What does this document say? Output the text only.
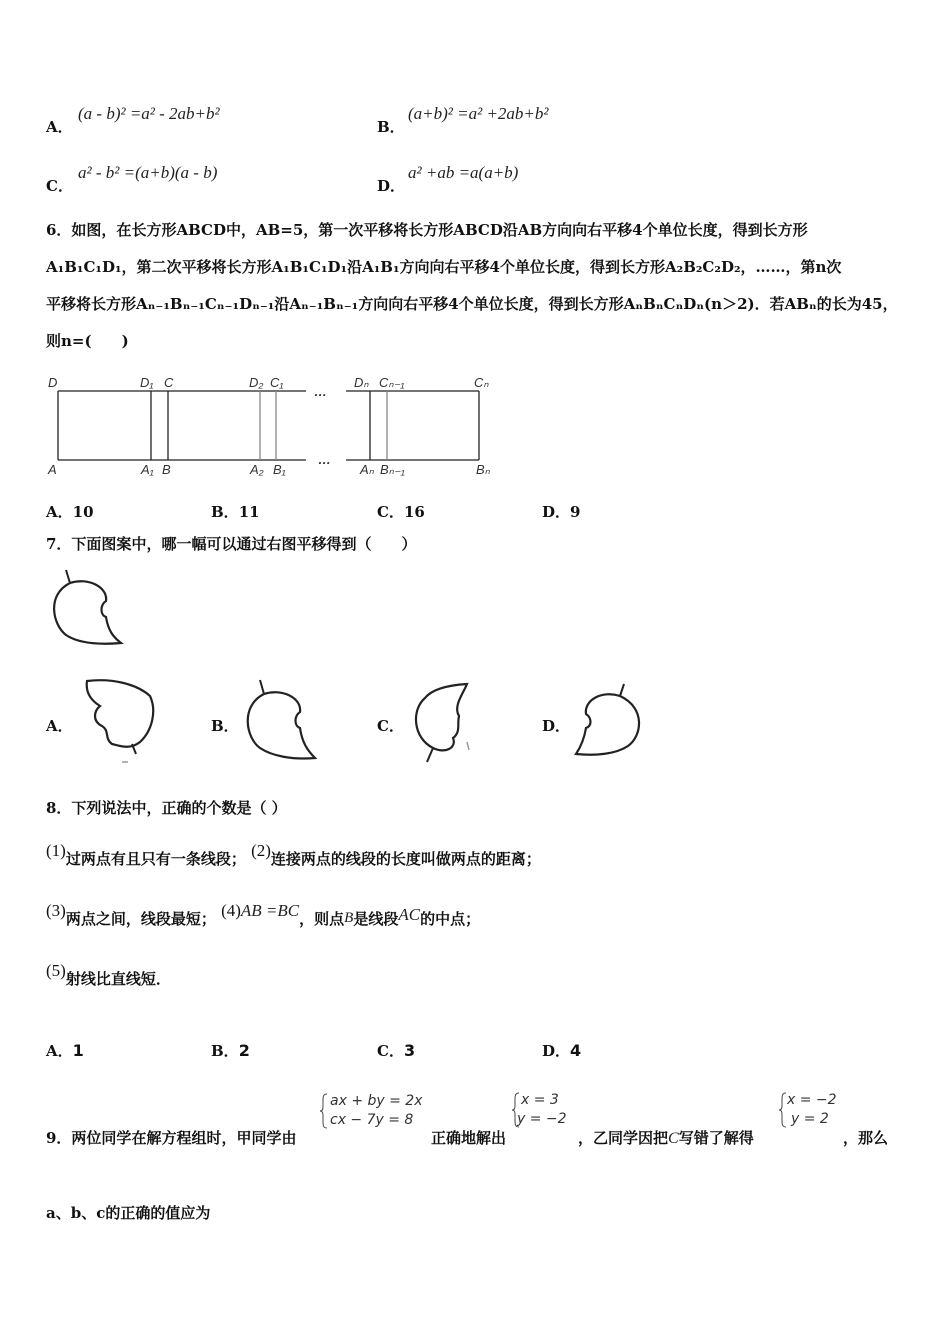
A．
(a - b)² =a² - 2ab+b²
B．
(a+b)² =a² +2ab+b²
C．
a² - b² =(a+b)(a - b)
D．
a² +ab =a(a+b)
6．如图，在长方形ABCD中，AB=5，第一次平移将长方形ABCD沿AB方向向右平移4个单位长度，得到长方形
A₁B₁C₁D₁，第二次平移将长方形A₁B₁C₁D₁沿A₁B₁方向向右平移4个单位长度，得到长方形A₂B₂C₂D₂，……，第n次
平移将长方形Aₙ₋₁Bₙ₋₁Cₙ₋₁Dₙ₋₁沿Aₙ₋₁Bₙ₋₁方向向右平移4个单位长度，得到长方形AₙBₙCₙDₙ(n＞2)．若ABₙ的长为45，
则n=(　　)
D	D₁ C	D₂ C₁
…
Dₙ Cₙ₋₁	Cₙ
A	A₁ B	A₂ B₁
…
Aₙ Bₙ₋₁	Bₙ
A．10	B．11	C．16	D．9
7．下面图案中，哪一幅可以通过右图平移得到（　　）
A．	B．	C．	D．
8．下列说法中，正确的个数是（ ）
(1)过两点有且只有一条线段； (2)连接两点的线段的长度叫做两点的距离；
(3)两点之间，线段最短； (4)AB =BC，则点B是线段AC的中点；
(5)射线比直线短．
A．1	B．2	C．3	D．4
9．两位同学在解方程组时，甲同学由
ax + by = 2x
cx − 7y = 8
正确地解出
x = 3
y = −2
，乙同学因把C写错了解得
x = −2
y = 2
，那么
a、b、c的正确的值应为
